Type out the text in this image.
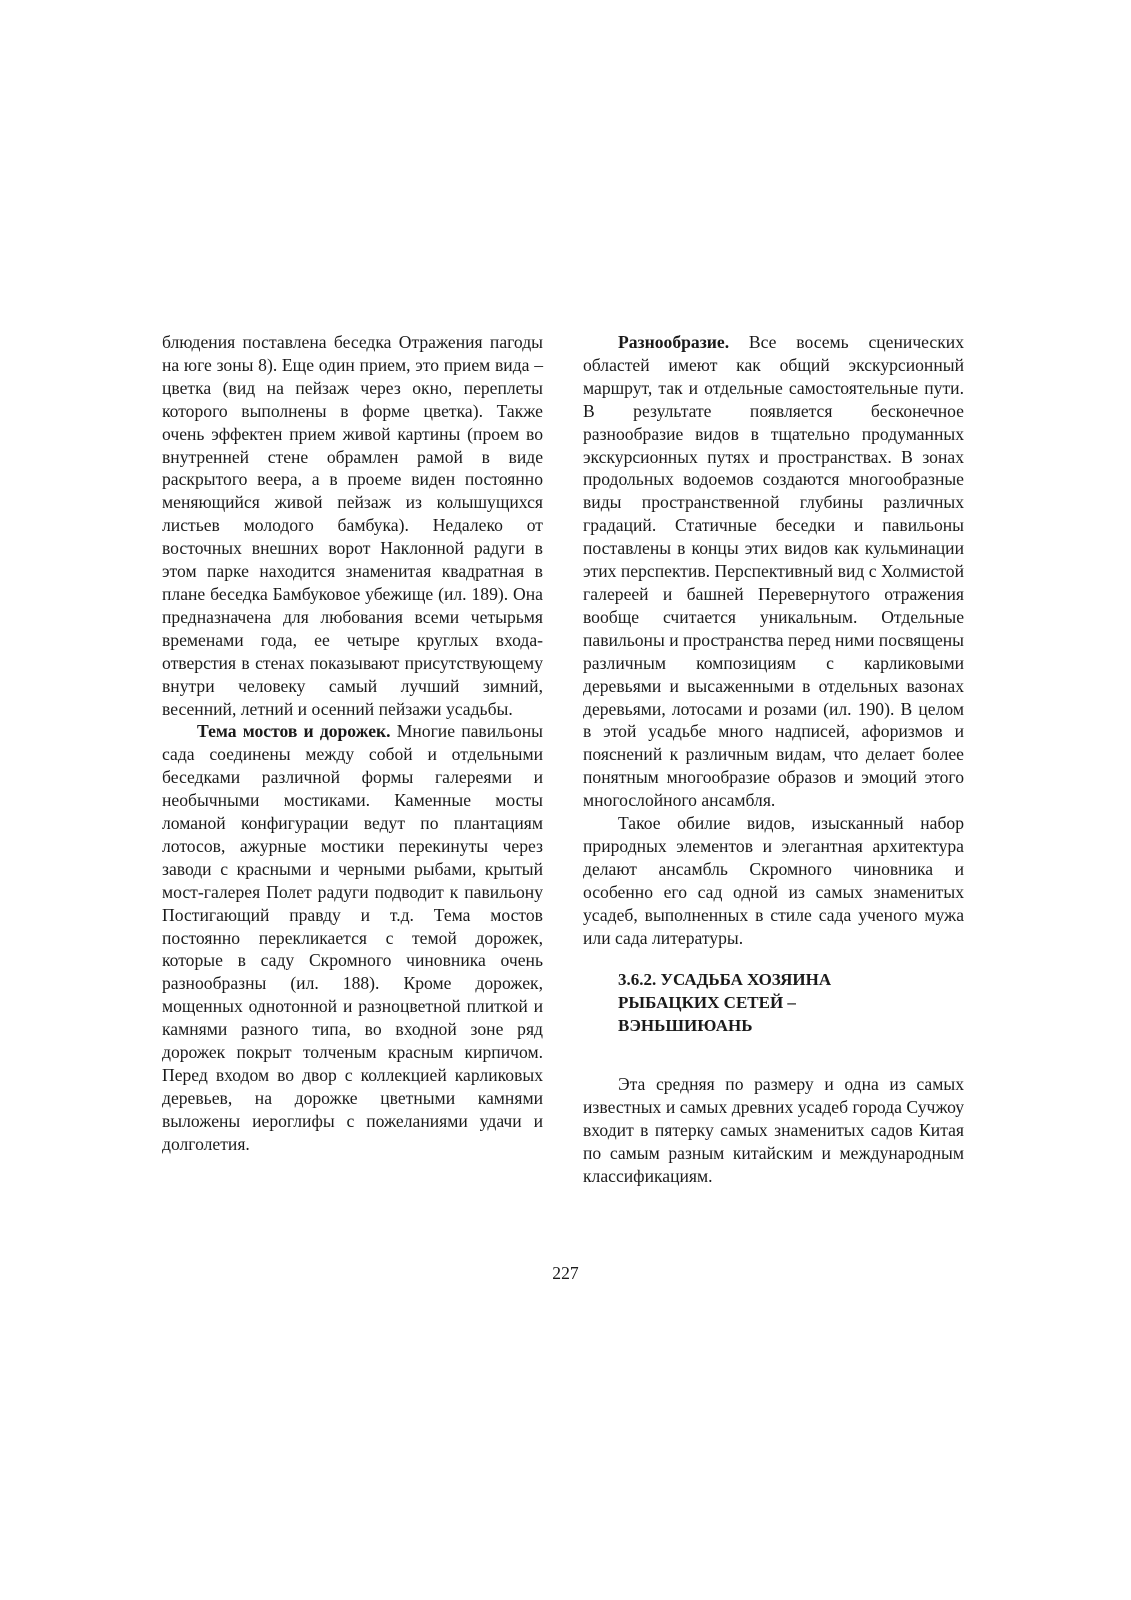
блюдения поставлена беседка Отражения пагоды на юге зоны 8). Еще один прием, это прием вида – цветка (вид на пейзаж через окно, переплеты которого выполнены в форме цветка). Также очень эффектен прием живой картины (проем во внутренней стене обрамлен рамой в виде раскрытого веера, а в проеме виден постоянно меняющийся живой пейзаж из колышущихся листьев молодого бамбука). Недалеко от восточных внешних ворот Наклонной радуги в этом парке находится знаменитая квадратная в плане беседка Бамбуковое убежище (ил. 189). Она предназначена для любования всеми четырьмя временами года, ее четыре круглых входа-отверстия в стенах показывают присутствующему внутри человеку самый лучший зимний, весенний, летний и осенний пейзажи усадьбы.

Тема мостов и дорожек. Многие павильоны сада соединены между собой и отдельными беседками различной формы галереями и необычными мостиками. Каменные мосты ломаной конфигурации ведут по плантациям лотосов, ажурные мостики перекинуты через заводи с красными и черными рыбами, крытый мост-галерея Полет радуги подводит к павильону Постигающий правду и т.д. Тема мостов постоянно перекликается с темой дорожек, которые в саду Скромного чиновника очень разнообразны (ил. 188). Кроме дорожек, мощенных однотонной и разноцветной плиткой и камнями разного типа, во входной зоне ряд дорожек покрыт толченым красным кирпичом. Перед входом во двор с коллекцией карликовых деревьев, на дорожке цветными камнями выложены иероглифы с пожеланиями удачи и долголетия.

Разнообразие. Все восемь сценических областей имеют как общий экскурсионный маршрут, так и отдельные самостоятельные пути. В результате появляется бесконечное разнообразие видов в тщательно продуманных экскурсионных путях и пространствах. В зонах продольных водоемов создаются многообразные виды пространственной глубины различных градаций. Статичные беседки и павильоны поставлены в концы этих видов как кульминации этих перспектив. Перспективный вид с Холмистой галереей и башней Перевернутого отражения вообще считается уникальным. Отдельные павильоны и пространства перед ними посвящены различным композициям с карликовыми деревьями и высаженными в отдельных вазонах деревьями, лотосами и розами (ил. 190). В целом в этой усадьбе много надписей, афоризмов и пояснений к различным видам, что делает более понятным многообразие образов и эмоций этого многослойного ансамбля.

Такое обилие видов, изысканный набор природных элементов и элегантная архитектура делают ансамбль Скромного чиновника и особенно его сад одной из самых знаменитых усадеб, выполненных в стиле сада ученого мужа или сада литературы.

3.6.2. УСАДЬБА ХОЗЯИНА
РЫБАЦКИХ СЕТЕЙ –
ВЭНЬШИЮАНЬ

Эта средняя по размеру и одна из самых известных и самых древних усадеб города Сучжоу входит в пятерку самых знаменитых садов Китая по самым разным китайским и международным классификациям.

227
